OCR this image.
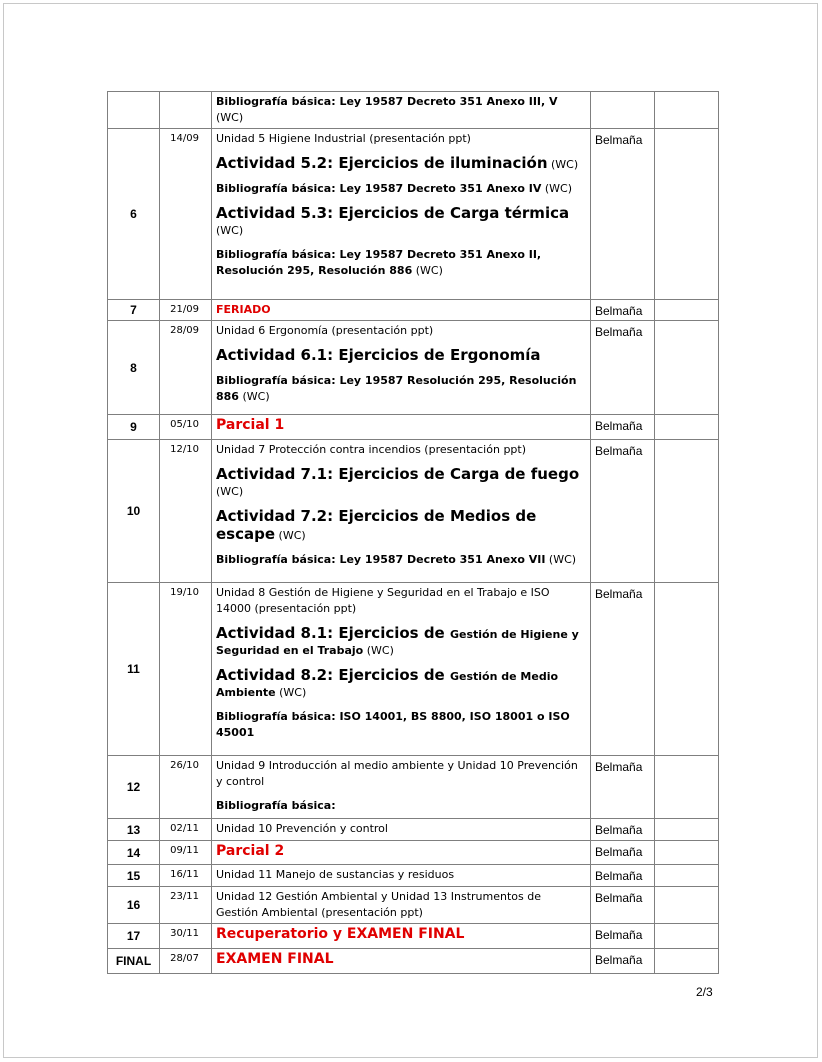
		Bibliografía básica: Ley 19587 Decreto 351 Anexo III, V (WC)		

6	14/09	Unidad 5 Higiene Industrial (presentación ppt)

Actividad 5.2: Ejercicios de iluminación (WC)

Bibliografía básica: Ley 19587 Decreto 351 Anexo IV (WC)

Actividad 5.3: Ejercicios de Carga térmica (WC)

Bibliografía básica: Ley 19587 Decreto 351 Anexo II, Resolución 295, Resolución 886 (WC)	Belmaña	
7	21/09	FERIADO	Belmaña	
8	28/09	Unidad 6 Ergonomía (presentación ppt)

Actividad 6.1: Ejercicios de Ergonomía

Bibliografía básica: Ley 19587 Resolución 295, Resolución 886 (WC)	Belmaña	
9	05/10	Parcial 1	Belmaña	
10	12/10	Unidad 7 Protección contra incendios (presentación ppt)

Actividad 7.1: Ejercicios de Carga de fuego (WC)

Actividad 7.2: Ejercicios de Medios de escape (WC)

Bibliografía básica: Ley 19587 Decreto 351 Anexo VII (WC)	Belmaña	
11	19/10	Unidad 8 Gestión de Higiene y Seguridad en el Trabajo e ISO 14000 (presentación ppt)

Actividad 8.1: Ejercicios de Gestión de Higiene y Seguridad en el Trabajo (WC)

Actividad 8.2: Ejercicios de Gestión de Medio Ambiente (WC)

Bibliografía básica: ISO 14001, BS 8800, ISO 18001 o ISO 45001	Belmaña	
12	26/10	Unidad 9 Introducción al medio ambiente y Unidad 10 Prevención y control

Bibliografía básica:	Belmaña	
13	02/11	Unidad 10 Prevención y control	Belmaña	
14	09/11	Parcial 2	Belmaña	
15	16/11	Unidad 11 Manejo de sustancias y residuos	Belmaña	
16	23/11	Unidad 12 Gestión Ambiental y Unidad 13 Instrumentos de Gestión Ambiental (presentación ppt)	Belmaña	
17	30/11	Recuperatorio y EXAMEN FINAL	Belmaña	
FINAL	28/07	EXAMEN FINAL	Belmaña	
2/3
